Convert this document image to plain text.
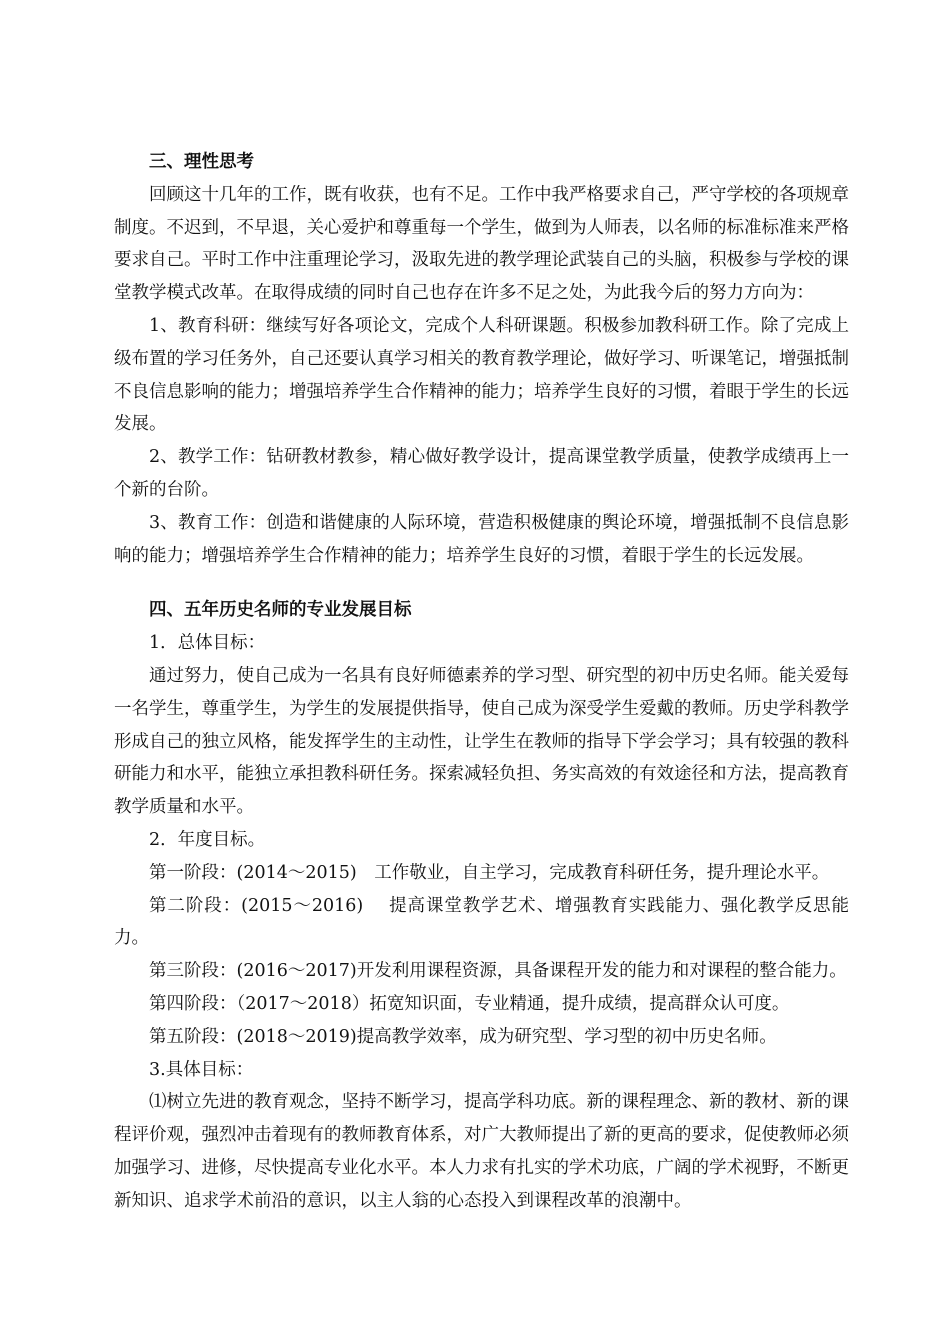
三、理性思考

回顾这十几年的工作，既有收获，也有不足。工作中我严格要求自己，严守学校的各项规章制度。不迟到，不早退，关心爱护和尊重每一个学生，做到为人师表，以名师的标准标准来严格要求自己。平时工作中注重理论学习，汲取先进的教学理论武装自己的头脑，积极参与学校的课堂教学模式改革。在取得成绩的同时自己也存在许多不足之处，为此我今后的努力方向为：

1、教育科研：继续写好各项论文，完成个人科研课题。积极参加教科研工作。除了完成上级布置的学习任务外，自己还要认真学习相关的教育教学理论，做好学习、听课笔记，增强抵制不良信息影响的能力；增强培养学生合作精神的能力；培养学生良好的习惯，着眼于学生的长远发展。

2、教学工作：钻研教材教参，精心做好教学设计，提高课堂教学质量，使教学成绩再上一个新的台阶。

3、教育工作：创造和谐健康的人际环境，营造积极健康的舆论环境，增强抵制不良信息影响的能力；增强培养学生合作精神的能力；培养学生良好的习惯，着眼于学生的长远发展。

四、五年历史名师的专业发展目标

1．总体目标：

通过努力，使自己成为一名具有良好师德素养的学习型、研究型的初中历史名师。能关爱每一名学生，尊重学生，为学生的发展提供指导，使自己成为深受学生爱戴的教师。历史学科教学形成自己的独立风格，能发挥学生的主动性，让学生在教师的指导下学会学习；具有较强的教科研能力和水平，能独立承担教科研任务。探索减轻负担、务实高效的有效途径和方法，提高教育教学质量和水平。

2．年度目标。

第一阶段：(2014～2015)　工作敬业，自主学习，完成教育科研任务，提升理论水平。

第二阶段：(2015～2016)　 提高课堂教学艺术、增强教育实践能力、强化教学反思能力。

第三阶段：(2016～2017)开发利用课程资源，具备课程开发的能力和对课程的整合能力。

第四阶段：（2017～2018）拓宽知识面，专业精通，提升成绩，提高群众认可度。

第五阶段：(2018～2019)提高教学效率，成为研究型、学习型的初中历史名师。

3.具体目标：

⑴树立先进的教育观念，坚持不断学习，提高学科功底。新的课程理念、新的教材、新的课程评价观，强烈冲击着现有的教师教育体系，对广大教师提出了新的更高的要求，促使教师必须加强学习、进修，尽快提高专业化水平。本人力求有扎实的学术功底，广阔的学术视野，不断更新知识、追求学术前沿的意识，以主人翁的心态投入到课程改革的浪潮中。
